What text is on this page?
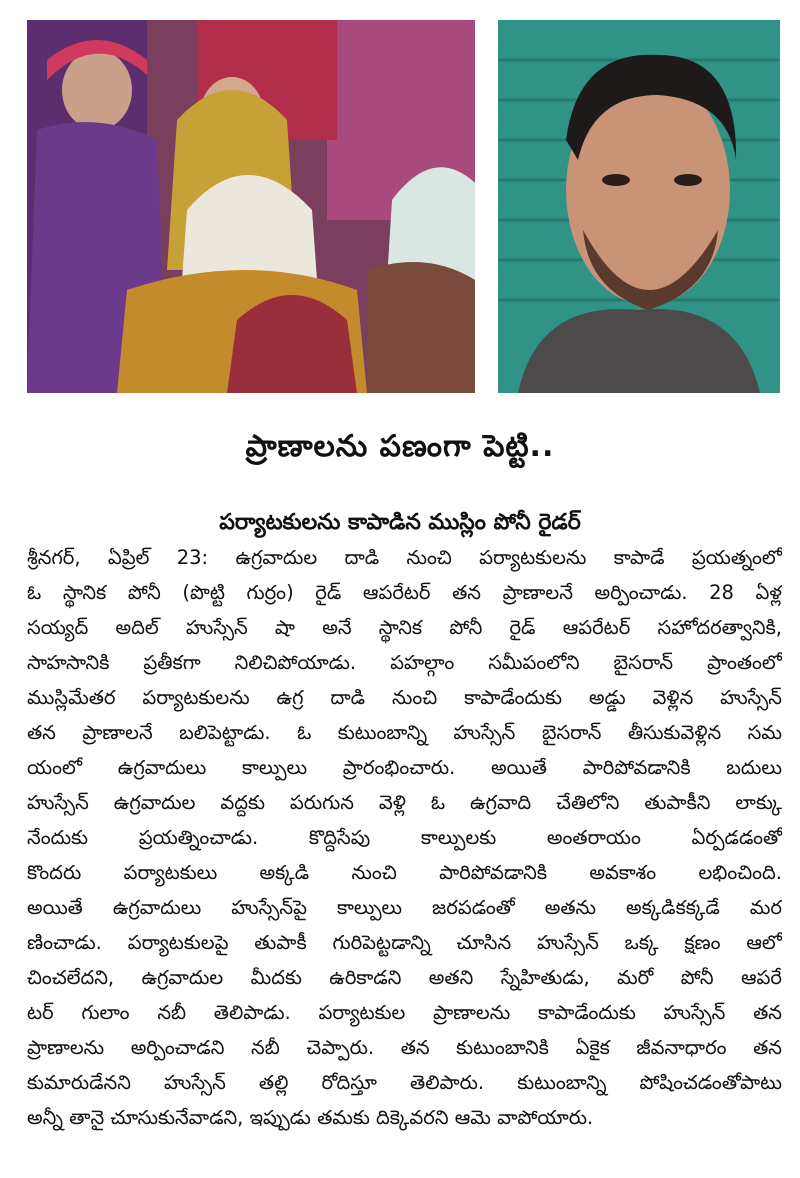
ప్రాణాలను పణంగా పెట్టి..
పర్యాటకులను కాపాడిన ముస్లిం పోనీ రైడర్
శ్రీనగర్, ఏప్రిల్ 23: ఉగ్రవాదుల దాడి నుంచి పర్యాటకులను కాపాడే ప్రయత్నంలో
ఓ స్థానిక పోనీ (పొట్టి గుర్రం) రైడ్ ఆపరేటర్ తన ప్రాణాలనే అర్పించాడు. 28 ఏళ్ల
సయ్యద్ అదిల్ హుస్సేన్ షా అనే స్థానిక పోనీ రైడ్ ఆపరేటర్ సహోదరత్వానికి,
సాహసానికి ప్రతీకగా నిలిచిపోయాడు. పహల్గాం సమీపంలోని బైసరాన్ ప్రాంతంలో
ముస్లిమేతర పర్యాటకులను ఉగ్ర దాడి నుంచి కాపాడేందుకు అడ్డు వెళ్లిన హుస్సేన్
తన ప్రాణాలనే బలిపెట్టాడు. ఓ కుటుంబాన్ని హుస్సేన్ బైసరాన్ తీసుకువెళ్లిన సమ
యంలో ఉగ్రవాదులు కాల్పులు ప్రారంభించారు. అయితే పారిపోవడానికి బదులు
హుస్సేన్ ఉగ్రవాదుల వద్దకు పరుగున వెళ్లి ఓ ఉగ్రవాది చేతిలోని తుపాకీని లాక్కు
నేందుకు ప్రయత్నించాడు. కొద్దిసేపు కాల్పులకు అంతరాయం ఏర్పడడంతో
కొందరు పర్యాటకులు అక్కడి నుంచి పారిపోవడానికి అవకాశం లభించింది.
అయితే ఉగ్రవాదులు హుస్సేన్‌పై కాల్పులు జరపడంతో అతను అక్కడికక్కడే మర
ణించాడు. పర్యాటకులపై తుపాకీ గురిపెట్టడాన్ని చూసిన హుస్సేన్ ఒక్క క్షణం ఆలో
చించలేదని, ఉగ్రవాదుల మీదకు ఉరికాడని అతని స్నేహితుడు, మరో పోనీ ఆపరే
టర్ గులాం నబీ తెలిపాడు. పర్యాటకుల ప్రాణాలను కాపాడేందుకు హుస్సేన్ తన
ప్రాణాలను అర్పించాడని నబీ చెప్పారు. తన కుటుంబానికి ఏకైక జీవనాధారం తన
కుమారుడేనని హుస్సేన్ తల్లి రోదిస్తూ తెలిపారు. కుటుంబాన్ని పోషించడంతోపాటు
అన్నీ తానై చూసుకునేవాడని, ఇప్పుడు తమకు దిక్కెవరని ఆమె వాపోయారు.
